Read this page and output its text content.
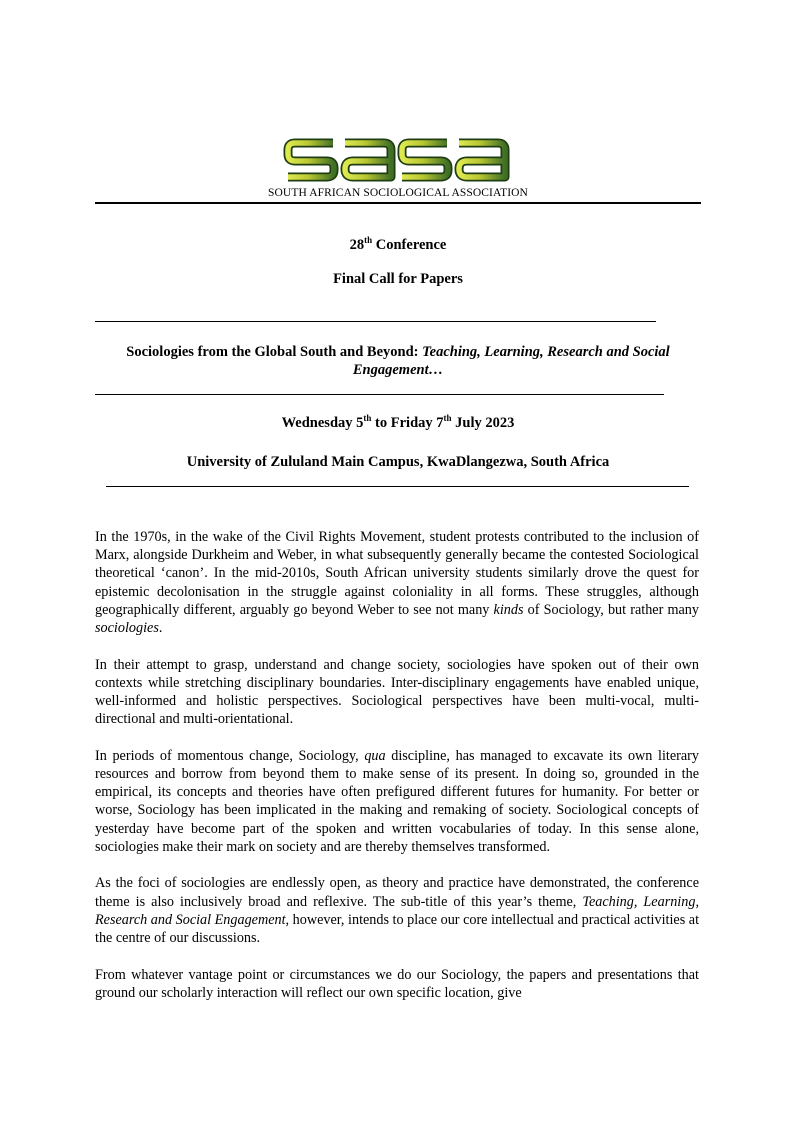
SOUTH AFRICAN SOCIOLOGICAL ASSOCIATION
28th Conference
Final Call for Papers
Sociologies from the Global South and Beyond: Teaching, Learning, Research and Social Engagement…
Wednesday 5th to Friday 7th July 2023
University of Zululand Main Campus, KwaDlangezwa, South Africa

In the 1970s, in the wake of the Civil Rights Movement, student protests contributed to the inclusion of Marx, alongside Durkheim and Weber, in what subsequently generally became the contested Sociological theoretical ‘canon’. In the mid-2010s, South African university students similarly drove the quest for epistemic decolonisation in the struggle against coloniality in all forms. These struggles, although geographically different, arguably go beyond Weber to see not many kinds of Sociology, but rather many sociologies.

In their attempt to grasp, understand and change society, sociologies have spoken out of their own contexts while stretching disciplinary boundaries. Inter-disciplinary engagements have enabled unique, well-informed and holistic perspectives. Sociological perspectives have been multi-vocal, multi-directional and multi-orientational.

In periods of momentous change, Sociology, qua discipline, has managed to excavate its own literary resources and borrow from beyond them to make sense of its present. In doing so, grounded in the empirical, its concepts and theories have often prefigured different futures for humanity. For better or worse, Sociology has been implicated in the making and remaking of society. Sociological concepts of yesterday have become part of the spoken and written vocabularies of today. In this sense alone, sociologies make their mark on society and are thereby themselves transformed.

As the foci of sociologies are endlessly open, as theory and practice have demonstrated, the conference theme is also inclusively broad and reflexive. The sub-title of this year’s theme, Teaching, Learning, Research and Social Engagement, however, intends to place our core intellectual and practical activities at the centre of our discussions.

From whatever vantage point or circumstances we do our Sociology, the papers and presentations that ground our scholarly interaction will reflect our own specific location, give
